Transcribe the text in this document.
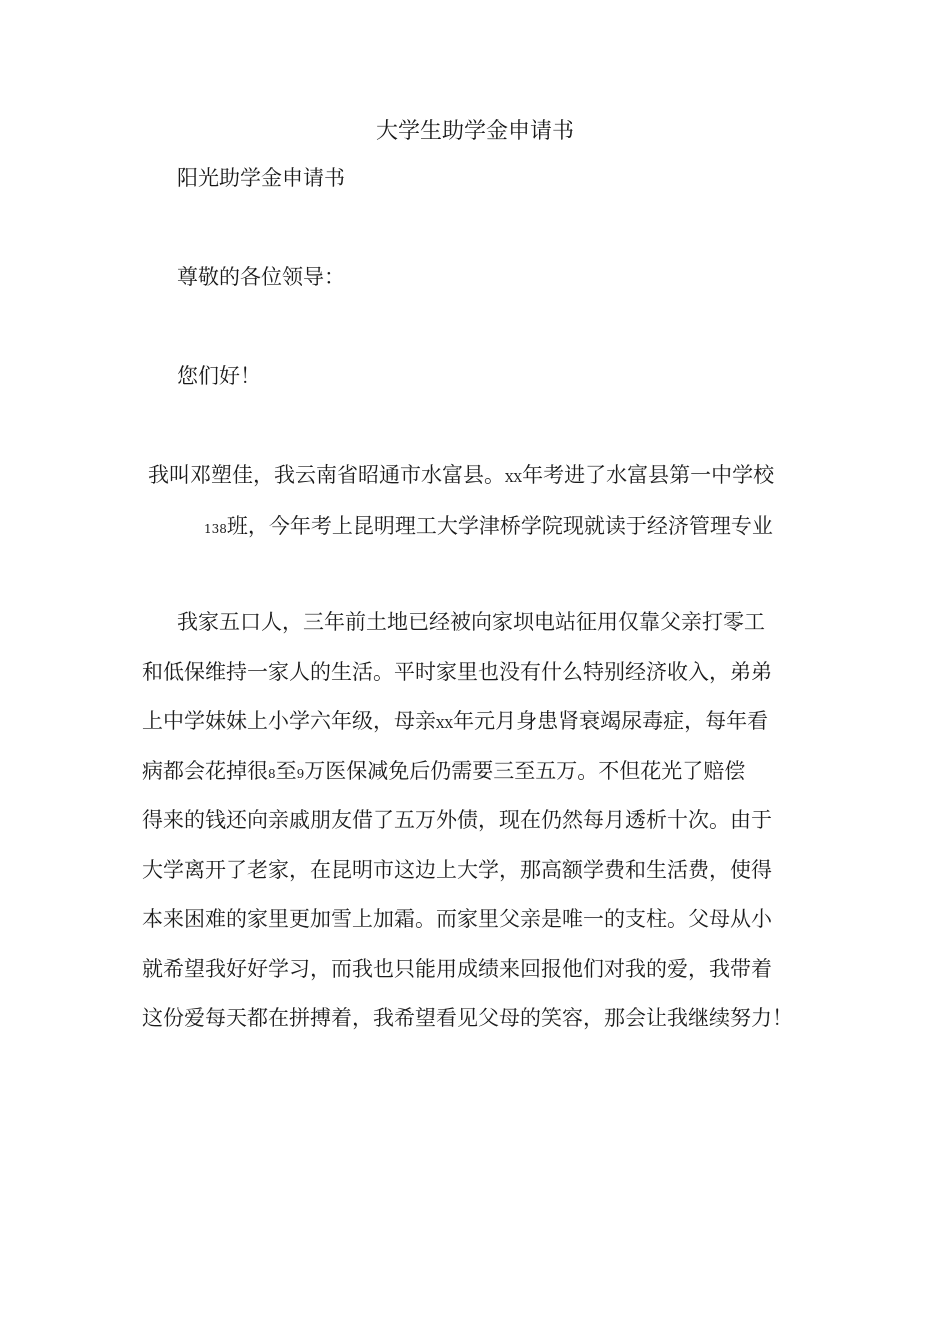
大学生助学金申请书
阳光助学金申请书
尊敬的各位领导：
您们好！
我叫邓塑佳，我云南省昭通市水富县。XX年考进了水富县第一中学校
138班，今年考上昆明理工大学津桥学院现就读于经济管理专业
我家五口人，三年前土地已经被向家坝电站征用仅靠父亲打零工
和低保维持一家人的生活。平时家里也没有什么特别经济收入，弟弟
上中学妹妹上小学六年级，母亲XX年元月身患肾衰竭尿毒症，每年看
病都会花掉很8至9万医保减免后仍需要三至五万。不但花光了赔偿
得来的钱还向亲戚朋友借了五万外债，现在仍然每月透析十次。由于
大学离开了老家，在昆明市这边上大学，那高额学费和生活费，使得
本来困难的家里更加雪上加霜。而家里父亲是唯一的支柱。父母从小
就希望我好好学习，而我也只能用成绩来回报他们对我的爱，我带着
这份爱每天都在拼搏着，我希望看见父母的笑容，那会让我继续努力！
